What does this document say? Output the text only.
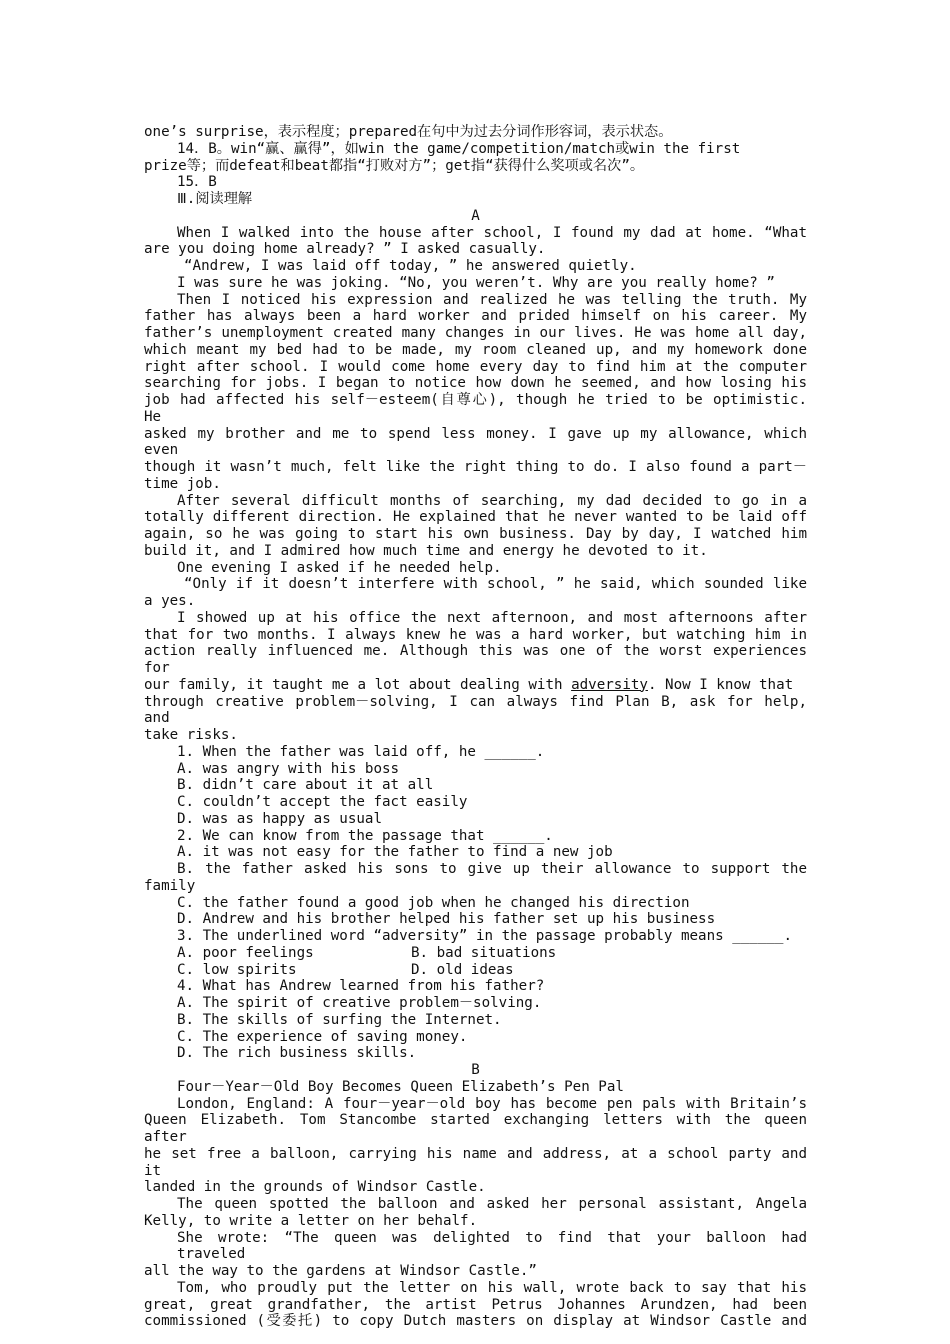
one’s surprise，表示程度；prepared在句中为过去分词作形容词，表示状态。
14．B。win“赢、赢得”，如win the game/competition/match或win the first
prize等；而defeat和beat都指“打败对方”；get指“获得什么奖项或名次”。
15．B
Ⅲ.阅读理解
A
When I walked into the house after school, I found my dad at home. “What
are you doing home already? ” I asked casually.
“Andrew, I was laid off today, ” he answered quietly.
I was sure he was joking. “No, you weren’t. Why are you really home? ”
Then I noticed his expression and realized he was telling the truth. My
father has always been a hard worker and prided himself on his career. My
father’s unemployment created many changes in our lives. He was home all day,
which meant my bed had to be made, my room cleaned up, and my homework done
right after school. I would come home every day to find him at the computer
searching for jobs. I began to notice how down he seemed, and how losing his
job had affected his self－esteem(自尊心), though he tried to be optimistic. He
asked my brother and me to spend less money. I gave up my allowance, which even
though it wasn’t much, felt like the right thing to do. I also found a part－
time job.
After several difficult months of searching, my dad decided to go in a
totally different direction. He explained that he never wanted to be laid off
again, so he was going to start his own business. Day by day, I watched him
build it, and I admired how much time and energy he devoted to it.
One evening I asked if he needed help.
“Only if it doesn’t interfere with school, ” he said, which sounded like
a yes.
I showed up at his office the next afternoon, and most afternoons after
that for two months. I always knew he was a hard worker, but watching him in
action really influenced me. Although this was one of the worst experiences for
our family, it taught me a lot about dealing with adversity. Now I know that
through creative problem－solving, I can always find Plan B, ask for help, and
take risks.
1. When the father was laid off, he ______.
A. was angry with his boss
B. didn’t care about it at all
C. couldn’t accept the fact easily
D. was as happy as usual
2. We can know from the passage that ______.
A. it was not easy for the father to find a new job
B. the father asked his sons to give up their allowance to support the
family
C. the father found a good job when he changed his direction
D. Andrew and his brother helped his father set up his business
3. The underlined word “adversity” in the passage probably means ______.
A. poor feelings	B. bad situations
C. low spirits	D. old ideas
4. What has Andrew learned from his father?
A. The spirit of creative problem－solving.
B. The skills of surfing the Internet.
C. The experience of saving money.
D. The rich business skills.
B
Four－Year－Old Boy Becomes Queen Elizabeth’s Pen Pal
London, England: A four－year－old boy has become pen pals with Britain’s
Queen Elizabeth. Tom Stancombe started exchanging letters with the queen after
he set free a balloon, carrying his name and address, at a school party and it
landed in the grounds of Windsor Castle.
The queen spotted the balloon and asked her personal assistant, Angela
Kelly, to write a letter on her behalf.
She wrote: “The queen was delighted to find that your balloon had traveled
all the way to the gardens at Windsor Castle.”
Tom, who proudly put the letter on his wall, wrote back to say that his
great, great grandfather, the artist Petrus Johannes Arundzen, had been
commissioned (受委托) to copy Dutch masters on display at Windsor Castle and
